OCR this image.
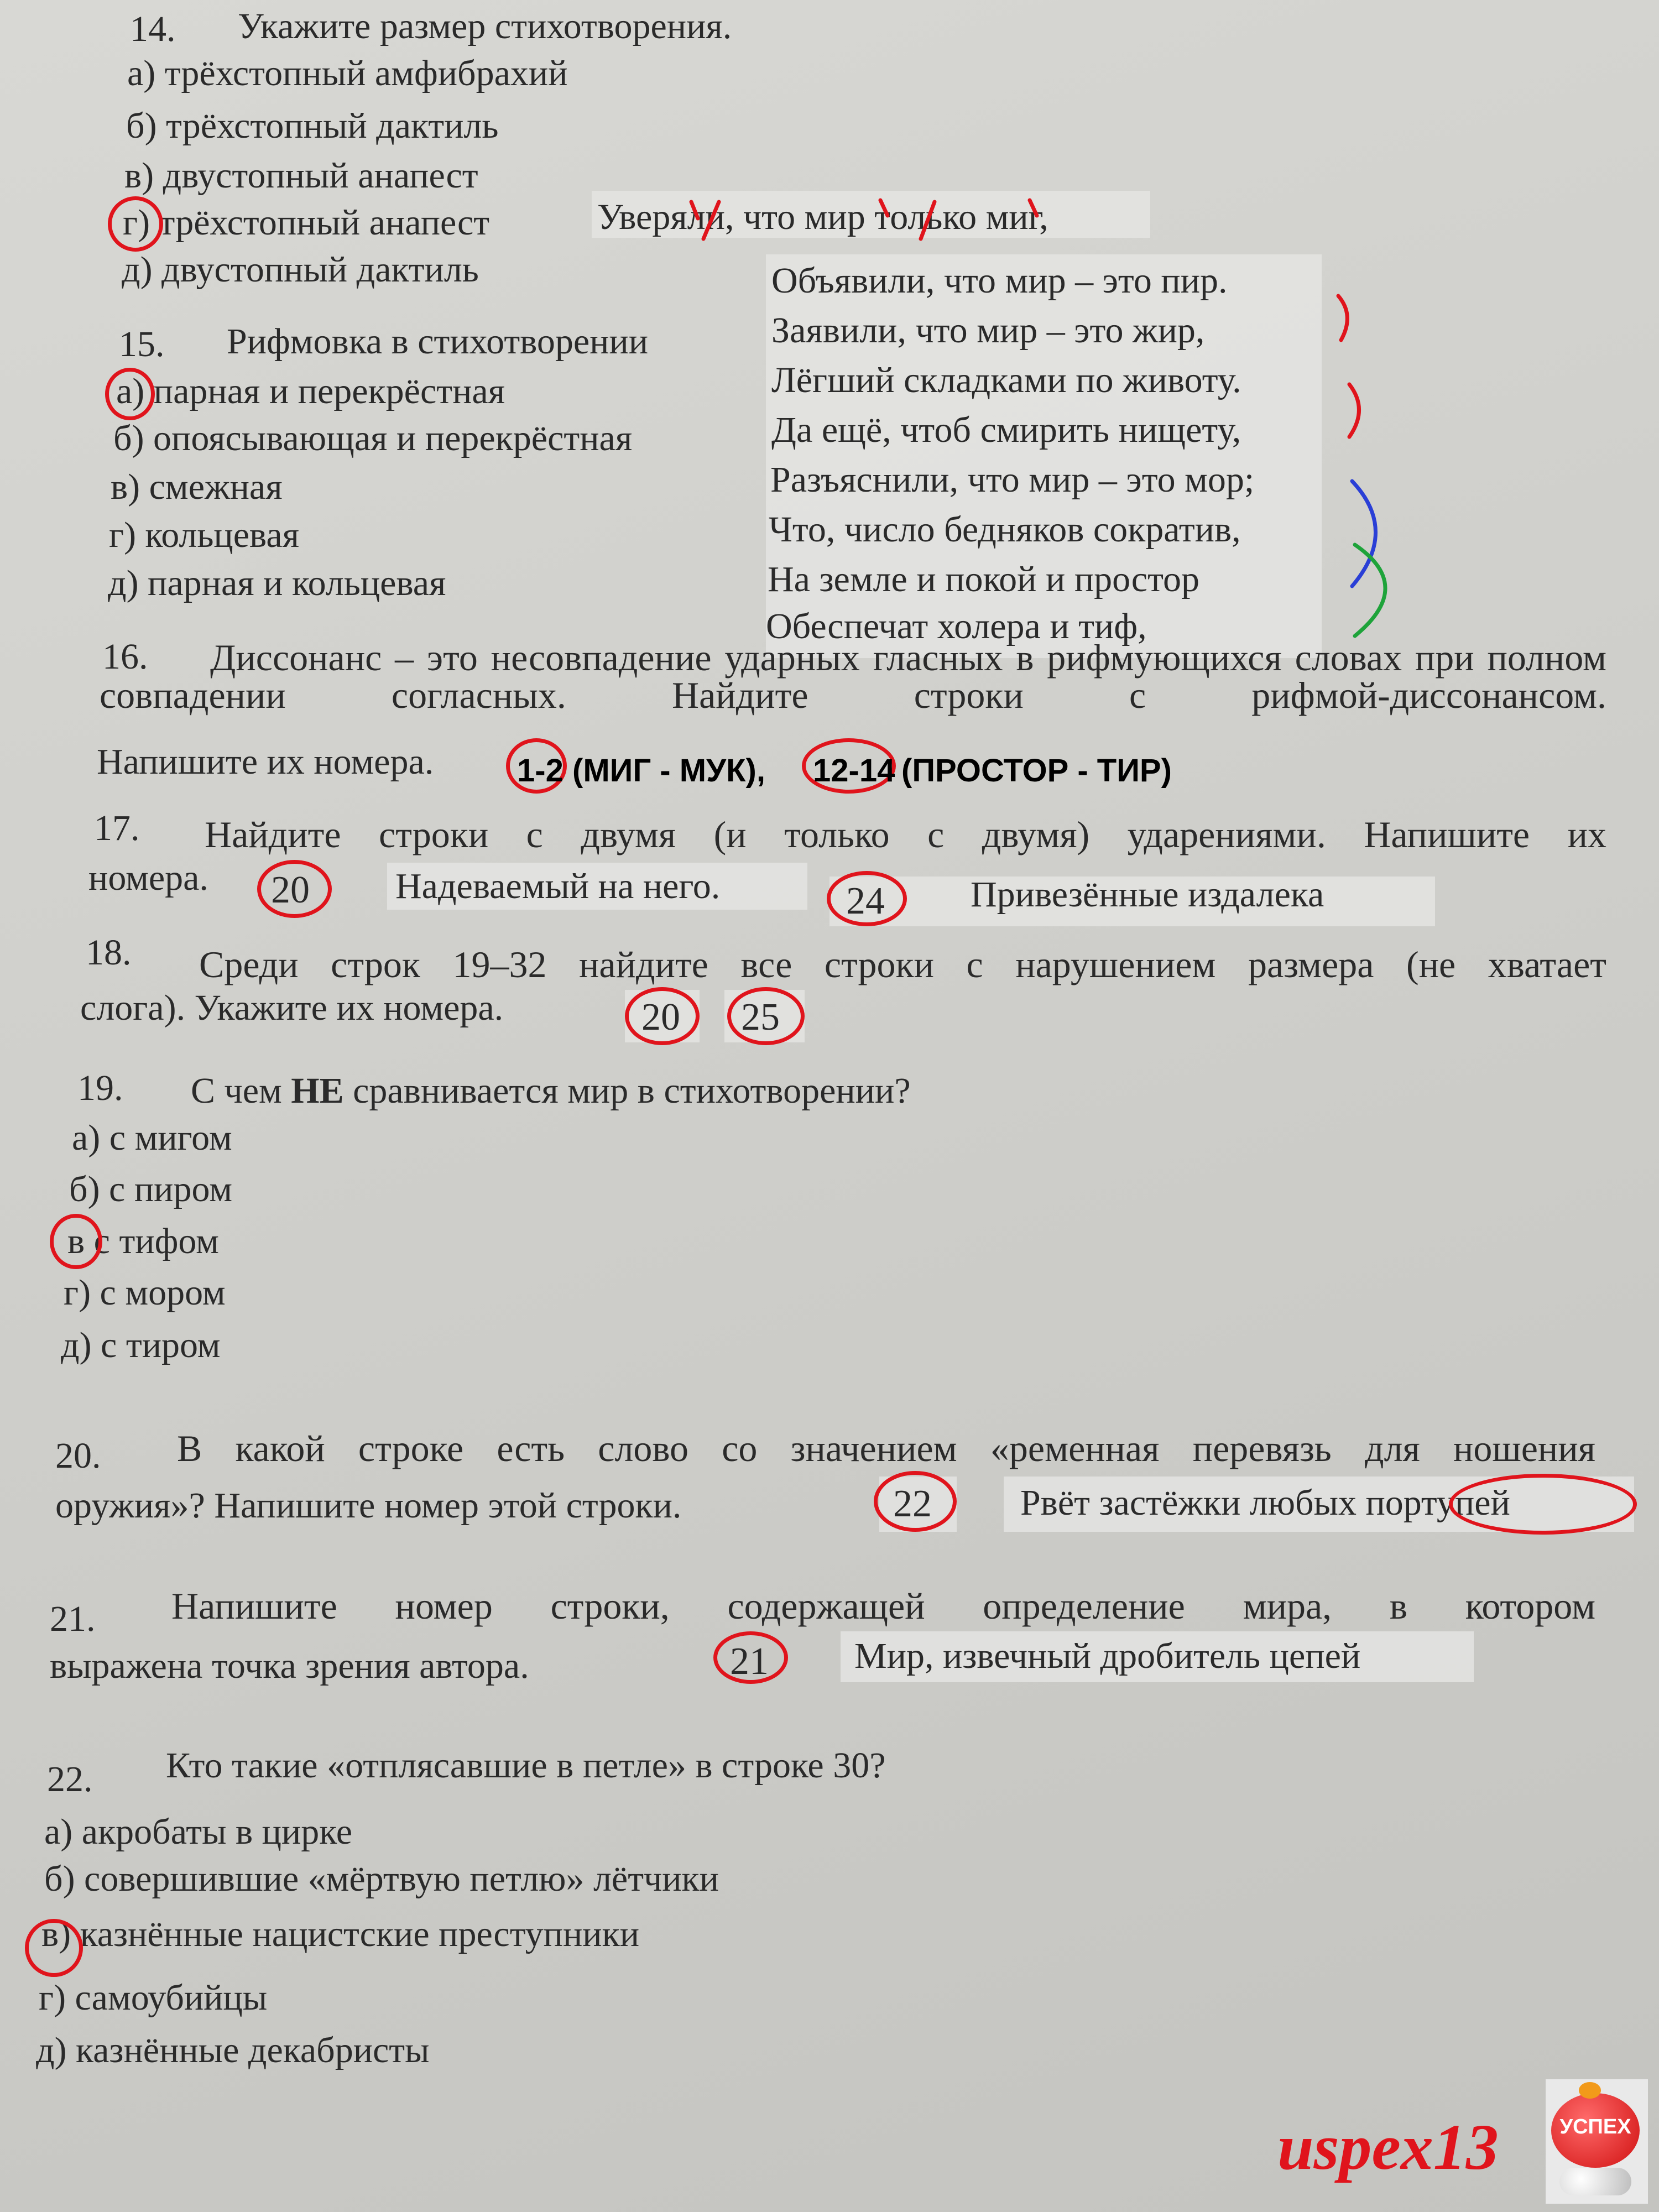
14. Укажите размер стихотворения.
а) трёхстопный амфибрахий
б) трёхстопный дактиль
в) двустопный анапест
г) трёхстопный анапест
д) двустопный дактиль
15. Рифмовка в стихотворении
а) парная и перекрёстная
б) опоясывающая и перекрёстная
в) смежная
г) кольцевая
д) парная и кольцевая
Уверяли, что мир только миг,
Объявили, что мир – это пир.
Заявили, что мир – это жир,
Лёгший складками по животу.
Да ещё, чтоб смирить нищету,
Разъяснили, что мир – это мор;
Что, число бедняков сократив,
На земле и покой и простор
Обеспечат холера и тиф,
16.	Диссонанс – это несовпадение ударных гласных в рифмующихся словах при полном совпадении согласных. Найдите строки с рифмой-диссонансом.
Напишите их номера.	1-2 (МИГ - МУК), 12-14 (ПРОСТОР - ТИР)
17. Найдите строки с двумя (и только с двумя) ударениями. Напишите их
номера. 20 Надеваемый на него.	24 Привезённые издалека
18. Среди строк 19–32 найдите все строки с нарушением размера (не хватает
слога). Укажите их номера.	20 25
19. С чем НЕ сравнивается мир в стихотворении?
а) с мигом
б) с пиром
в с тифом
г) с мором
д) с тиром
20. В какой строке есть слово со значением «ременная перевязь для ношения
оружия»? Напишите номер этой строки.	22 Рвёт застёжки любых портупей
21. Напишите номер строки, содержащей определение мира, в котором
выражена точка зрения автора.	21 Мир, извечный дробитель цепей
22. Кто такие «отплясавшие в петле» в строке 30?
а) акробаты в цирке
б) совершившие «мёртвую петлю» лётчики
в) казнённые нацистские преступники
г) самоубийцы
д) казнённые декабристы
uspex13	УСПЕХ
